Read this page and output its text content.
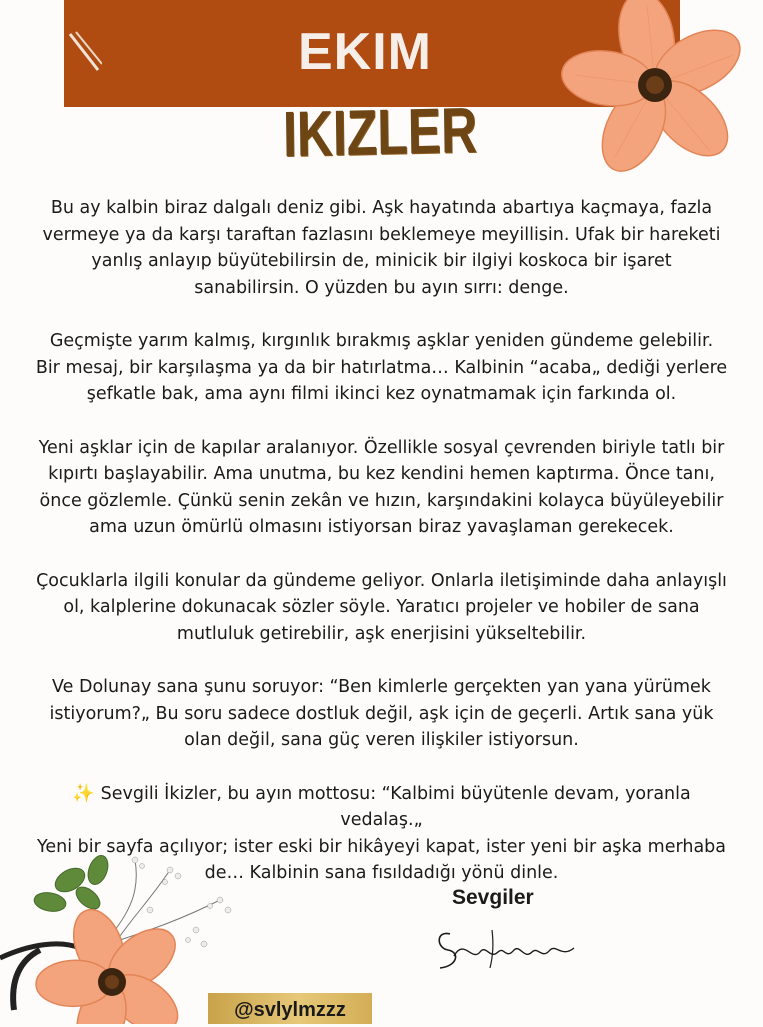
EKIM
IKIZLER

Bu ay kalbin biraz dalgalı deniz gibi. Aşk hayatında abartıya kaçmaya, fazla
vermeye ya da karşı taraftan fazlasını beklemeye meyillisin. Ufak bir hareketi
yanlış anlayıp büyütebilirsin de, minicik bir ilgiyi koskoca bir işaret
sanabilirsin. O yüzden bu ayın sırrı: denge.

Geçmişte yarım kalmış, kırgınlık bırakmış aşklar yeniden gündeme gelebilir.
Bir mesaj, bir karşılaşma ya da bir hatırlatma… Kalbinin “acaba„ dediği yerlere
şefkatle bak, ama aynı filmi ikinci kez oynatmamak için farkında ol.

Yeni aşklar için de kapılar aralanıyor. Özellikle sosyal çevrenden biriyle tatlı bir
kıpırtı başlayabilir. Ama unutma, bu kez kendini hemen kaptırma. Önce tanı,
önce gözlemle. Çünkü senin zekân ve hızın, karşındakini kolayca büyüleyebilir
ama uzun ömürlü olmasını istiyorsan biraz yavaşlaman gerekecek.

Çocuklarla ilgili konular da gündeme geliyor. Onlarla iletişiminde daha anlayışlı
ol, kalplerine dokunacak sözler söyle. Yaratıcı projeler ve hobiler de sana
mutluluk getirebilir, aşk enerjisini yükseltebilir.

Ve Dolunay sana şunu soruyor: “Ben kimlerle gerçekten yan yana yürümek
istiyorum?„ Bu soru sadece dostluk değil, aşk için de geçerli. Artık sana yük
olan değil, sana güç veren ilişkiler istiyorsun.

✨ Sevgili İkizler, bu ayın mottosu: “Kalbimi büyütenle devam, yoranla
vedalaş.„
Yeni bir sayfa açılıyor; ister eski bir hikâyeyi kapat, ister yeni bir aşka merhaba
de… Kalbinin sana fısıldadığı yönü dinle.

Sevgiler

@svlylmzzz
